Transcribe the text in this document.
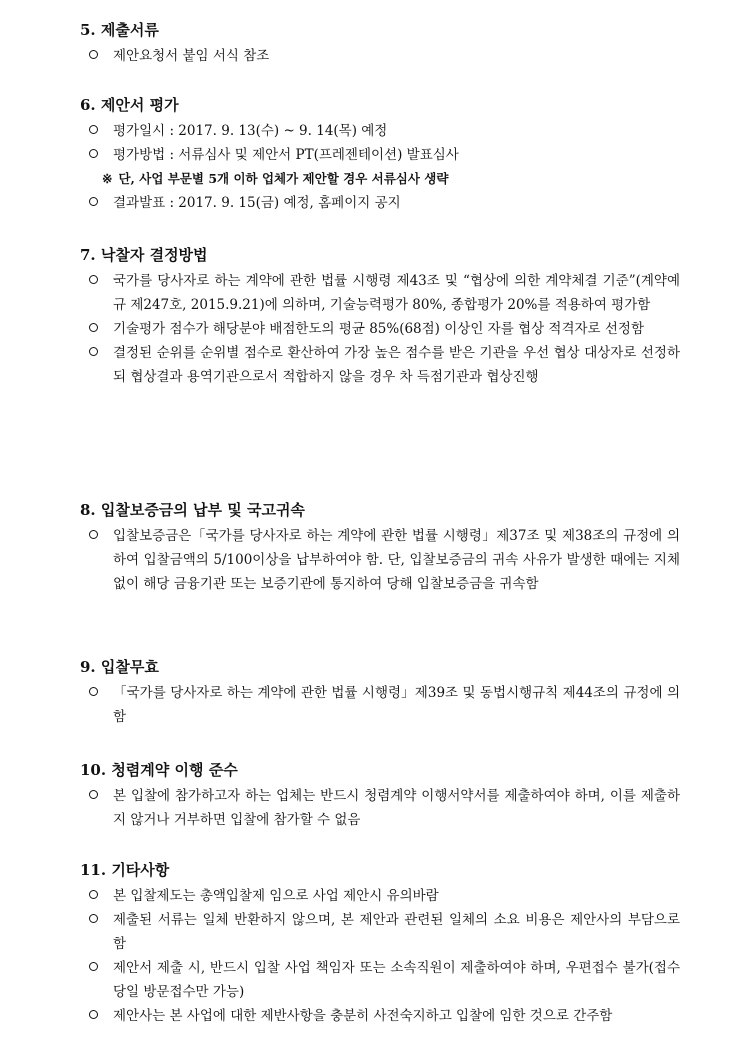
5. 제출서류
제안요청서 붙임 서식 참조
6. 제안서 평가
평가일시 : 2017. 9. 13(수) ~ 9. 14(목) 예정
평가방법 : 서류심사 및 제안서 PT(프레젠테이션) 발표심사
※ 단, 사업 부문별 5개 이하 업체가 제안할 경우 서류심사 생략
결과발표 : 2017. 9. 15(금) 예정, 홈페이지 공지
7. 낙찰자 결정방법
국가를 당사자로 하는 계약에 관한 법률 시행령 제43조 및 “협상에 의한 계약체결 기준”(계약예규 제247호, 2015.9.21)에 의하며, 기술능력평가 80%, 종합평가 20%를 적용하여 평가함
기술평가 점수가 해당분야 배점한도의 평균 85%(68점) 이상인 자를 협상 적격자로 선정함
결정된 순위를 순위별 점수로 환산하여 가장 높은 점수를 받은 기관을 우선 협상 대상자로 선정하되 협상결과 용역기관으로서 적합하지 않을 경우 차 득점기관과 협상진행
8. 입찰보증금의 납부 및 국고귀속
입찰보증금은「국가를 당사자로 하는 계약에 관한 법률 시행령」제37조 및 제38조의 규정에 의하여 입찰금액의 5/100이상을 납부하여야 함. 단, 입찰보증금의 귀속 사유가 발생한 때에는 지체없이 해당 금융기관 또는 보증기관에 통지하여 당해 입찰보증금을 귀속함
9. 입찰무효
「국가를 당사자로 하는 계약에 관한 법률 시행령」제39조 및 동법시행규칙 제44조의 규정에 의함
10. 청렴계약 이행 준수
본 입찰에 참가하고자 하는 업체는 반드시 청렴계약 이행서약서를 제출하여야 하며, 이를 제출하지 않거나 거부하면 입찰에 참가할 수 없음
11. 기타사항
본 입찰제도는 총액입찰제 임으로 사업 제안시 유의바람
제출된 서류는 일체 반환하지 않으며, 본 제안과 관련된 일체의 소요 비용은 제안사의 부담으로 함
제안서 제출 시, 반드시 입찰 사업 책임자 또는 소속직원이 제출하여야 하며, 우편접수 불가(접수당일 방문접수만 가능)
제안사는 본 사업에 대한 제반사항을 충분히 사전숙지하고 입찰에 임한 것으로 간주함
